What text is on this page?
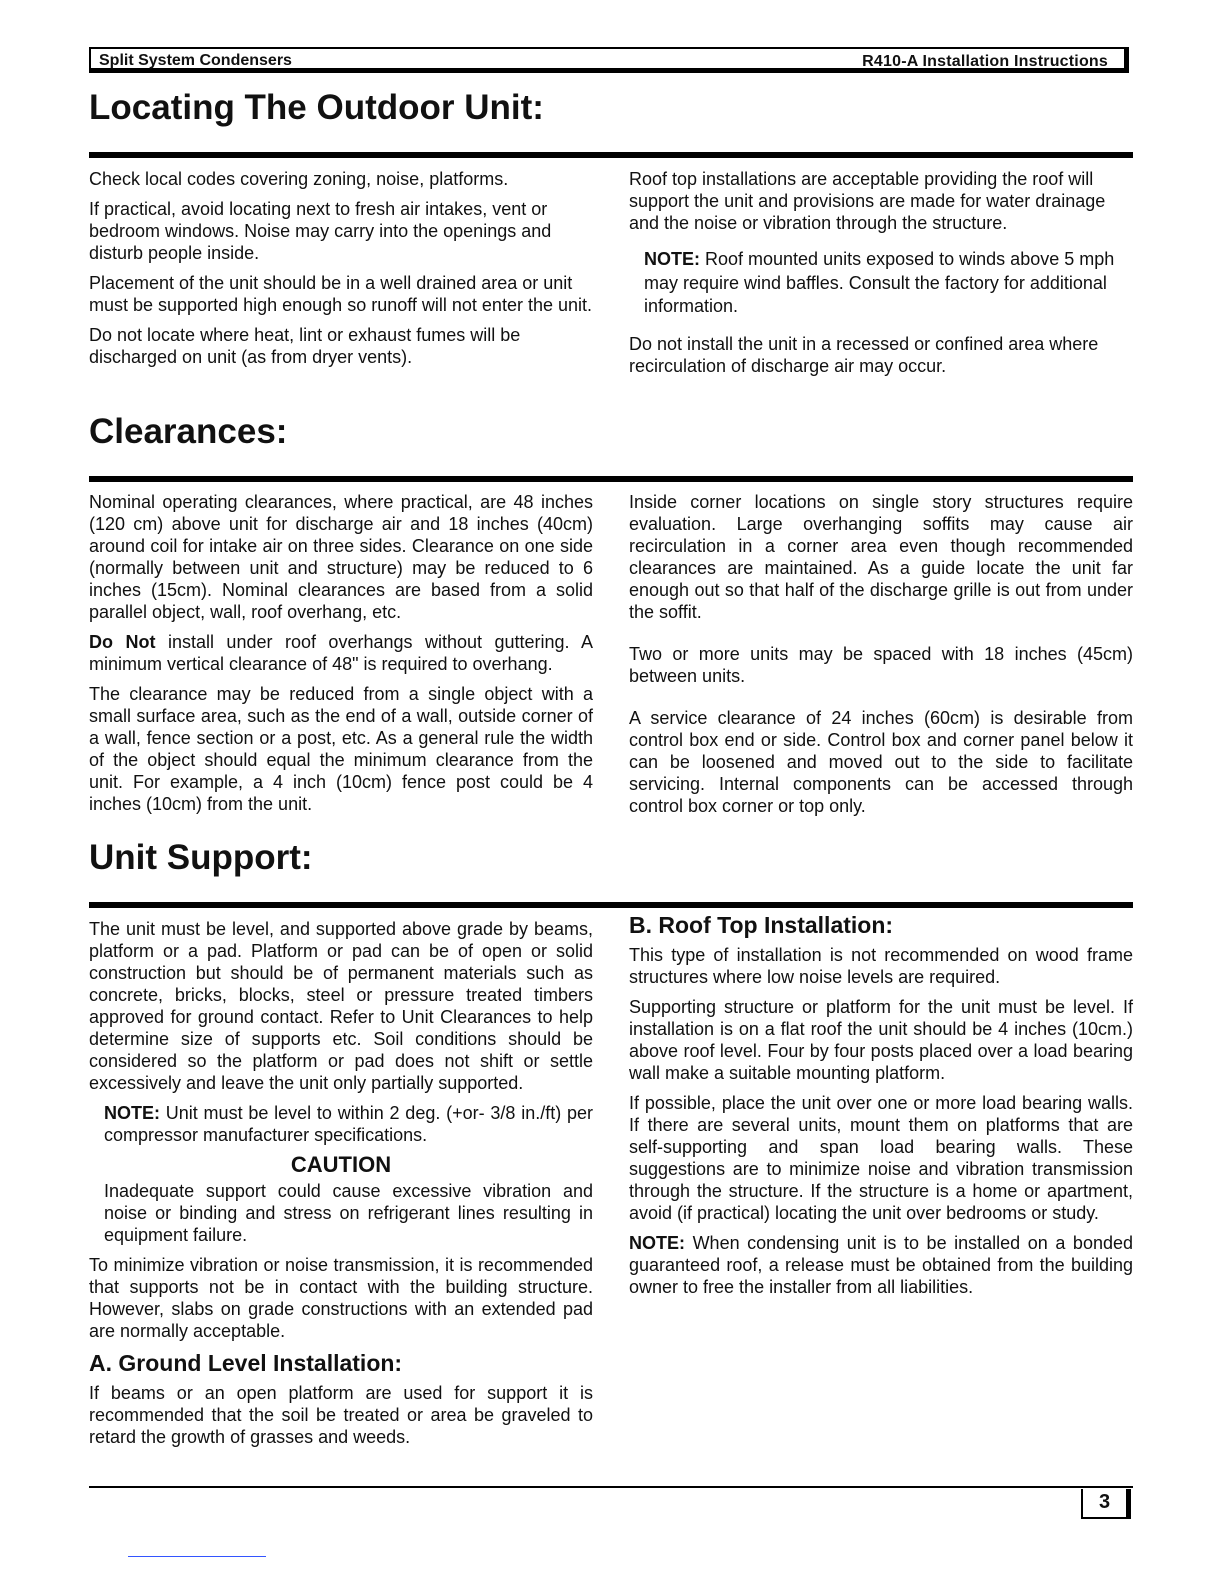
Split System Condensers	R410-A Installation Instructions
Locating The Outdoor Unit:

Check local codes covering zoning, noise, platforms.

If practical, avoid locating next to fresh air intakes, vent or bedroom windows. Noise may carry into the openings and disturb people inside.

Placement of the unit should be in a well drained area or unit must be supported high enough so runoff will not enter the unit.

Do not locate where heat, lint or exhaust fumes will be discharged on unit (as from dryer vents).

Roof top installations are acceptable providing the roof will support the unit and provisions are made for water drainage and the noise or vibration through the structure.

NOTE: Roof mounted units exposed to winds above 5 mph may require wind baffles. Consult the factory for additional information.

Do not install the unit in a recessed or confined area where recirculation of discharge air may occur.

Clearances:

Nominal operating clearances, where practical, are 48 inches (120 cm) above unit for discharge air and 18 inches (40cm) around coil for intake air on three sides. Clearance on one side (normally between unit and structure) may be reduced to 6 inches (15cm). Nominal clearances are based from a solid parallel object, wall, roof overhang, etc.

Do Not install under roof overhangs without guttering. A minimum vertical clearance of 48" is required to overhang.

The clearance may be reduced from a single object with a small surface area, such as the end of a wall, outside corner of a wall, fence section or a post, etc. As a general rule the width of the object should equal the minimum clearance from the unit. For example, a 4 inch (10cm) fence post could be 4 inches (10cm) from the unit.

Inside corner locations on single story structures require evaluation. Large overhanging soffits may cause air recirculation in a corner area even though recommended clearances are maintained. As a guide locate the unit far enough out so that half of the discharge grille is out from under the soffit.

Two or more units may be spaced with 18 inches (45cm) between units.

A service clearance of 24 inches (60cm) is desirable from control box end or side. Control box and corner panel below it can be loosened and moved out to the side to facilitate servicing. Internal components can be accessed through control box corner or top only.

Unit Support:

The unit must be level, and supported above grade by beams, platform or a pad. Platform or pad can be of open or solid construction but should be of permanent materials such as concrete, bricks, blocks, steel or pressure treated timbers approved for ground contact. Refer to Unit Clearances to help determine size of supports etc. Soil conditions should be considered so the platform or pad does not shift or settle excessively and leave the unit only partially supported.

NOTE: Unit must be level to within 2 deg. (+or- 3/8 in./ft) per compressor manufacturer specifications.

CAUTION

Inadequate support could cause excessive vibration and noise or binding and stress on refrigerant lines resulting in equipment failure.

To minimize vibration or noise transmission, it is recommended that supports not be in contact with the building structure. However, slabs on grade constructions with an extended pad are normally acceptable.

A. Ground Level Installation:

If beams or an open platform are used for support it is recommended that the soil be treated or area be graveled to retard the growth of grasses and weeds.

B. Roof Top Installation:

This type of installation is not recommended on wood frame structures where low noise levels are required.

Supporting structure or platform for the unit must be level. If installation is on a flat roof the unit should be 4 inches (10cm.) above roof level. Four by four posts placed over a load bearing wall make a suitable mounting platform.

If possible, place the unit over one or more load bearing walls. If there are several units, mount them on platforms that are self-supporting and span load bearing walls. These suggestions are to minimize noise and vibration transmission through the structure. If the structure is a home or apartment, avoid (if practical) locating the unit over bedrooms or study.

NOTE: When condensing unit is to be installed on a bonded guaranteed roof, a release must be obtained from the building owner to free the installer from all liabilities.

3
